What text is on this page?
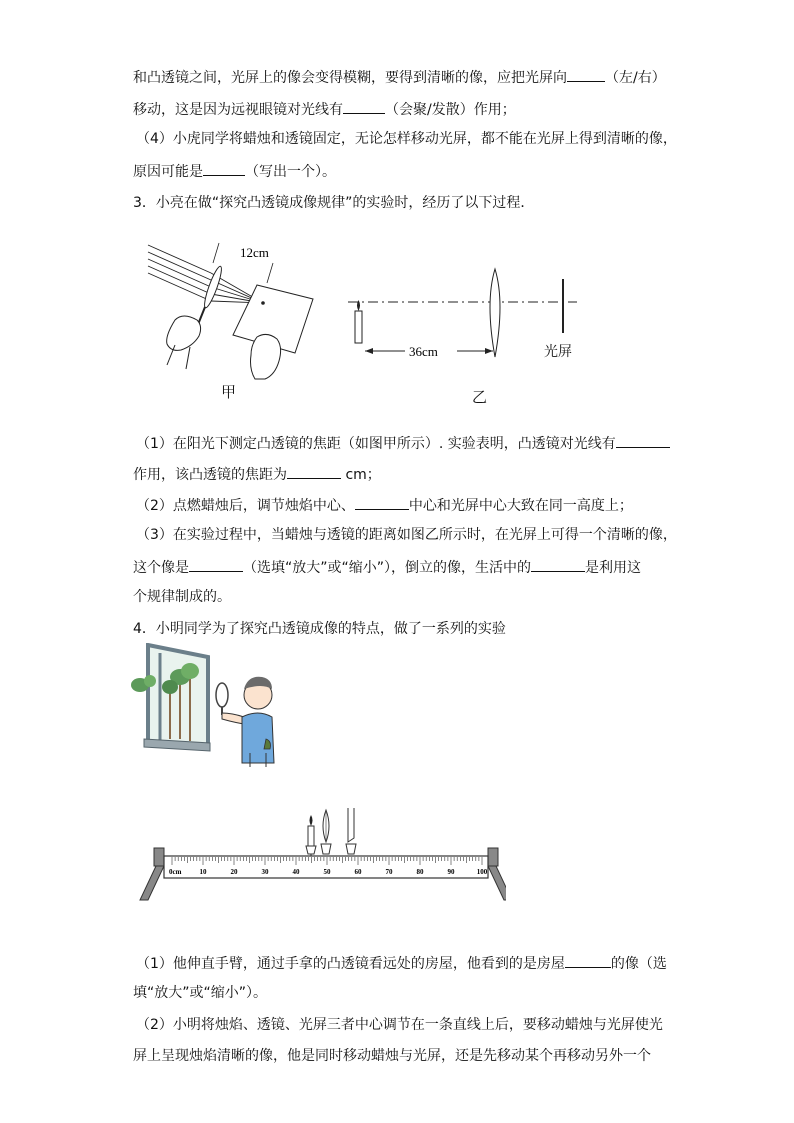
和凸透镜之间，光屏上的像会变得模糊，要得到清晰的像，应把光屏向	（左/右）
移动，这是因为远视眼镜对光线有	（会聚/发散）作用；
（4）小虎同学将蜡烛和透镜固定，无论怎样移动光屏，都不能在光屏上得到清晰的像，
原因可能是	（写出一个）。
3．小亮在做“探究凸透镜成像规律”的实验时，经历了以下过程．
12cm
甲
36cm	光屏
乙
（1）在阳光下测定凸透镜的焦距（如图甲所示）. 实验表明，凸透镜对光线有
作用，该凸透镜的焦距为	cm；
（2）点燃蜡烛后，调节烛焰中心、	中心和光屏中心大致在同一高度上；
（3）在实验过程中，当蜡烛与透镜的距离如图乙所示时，在光屏上可得一个清晰的像，
这个像是	（选填“放大”或“缩小”），倒立的像，生活中的	是利用这
个规律制成的。
4．小明同学为了探究凸透镜成像的特点，做了一系列的实验
0cm	10	20	30	40	50	60	70	80	90	100
（1）他伸直手臂，通过手拿的凸透镜看远处的房屋，他看到的是房屋	的像（选
填“放大”或“缩小”）。
（2）小明将烛焰、透镜、光屏三者中心调节在一条直线上后，要移动蜡烛与光屏使光
屏上呈现烛焰清晰的像，他是同时移动蜡烛与光屏，还是先移动某个再移动另外一个
